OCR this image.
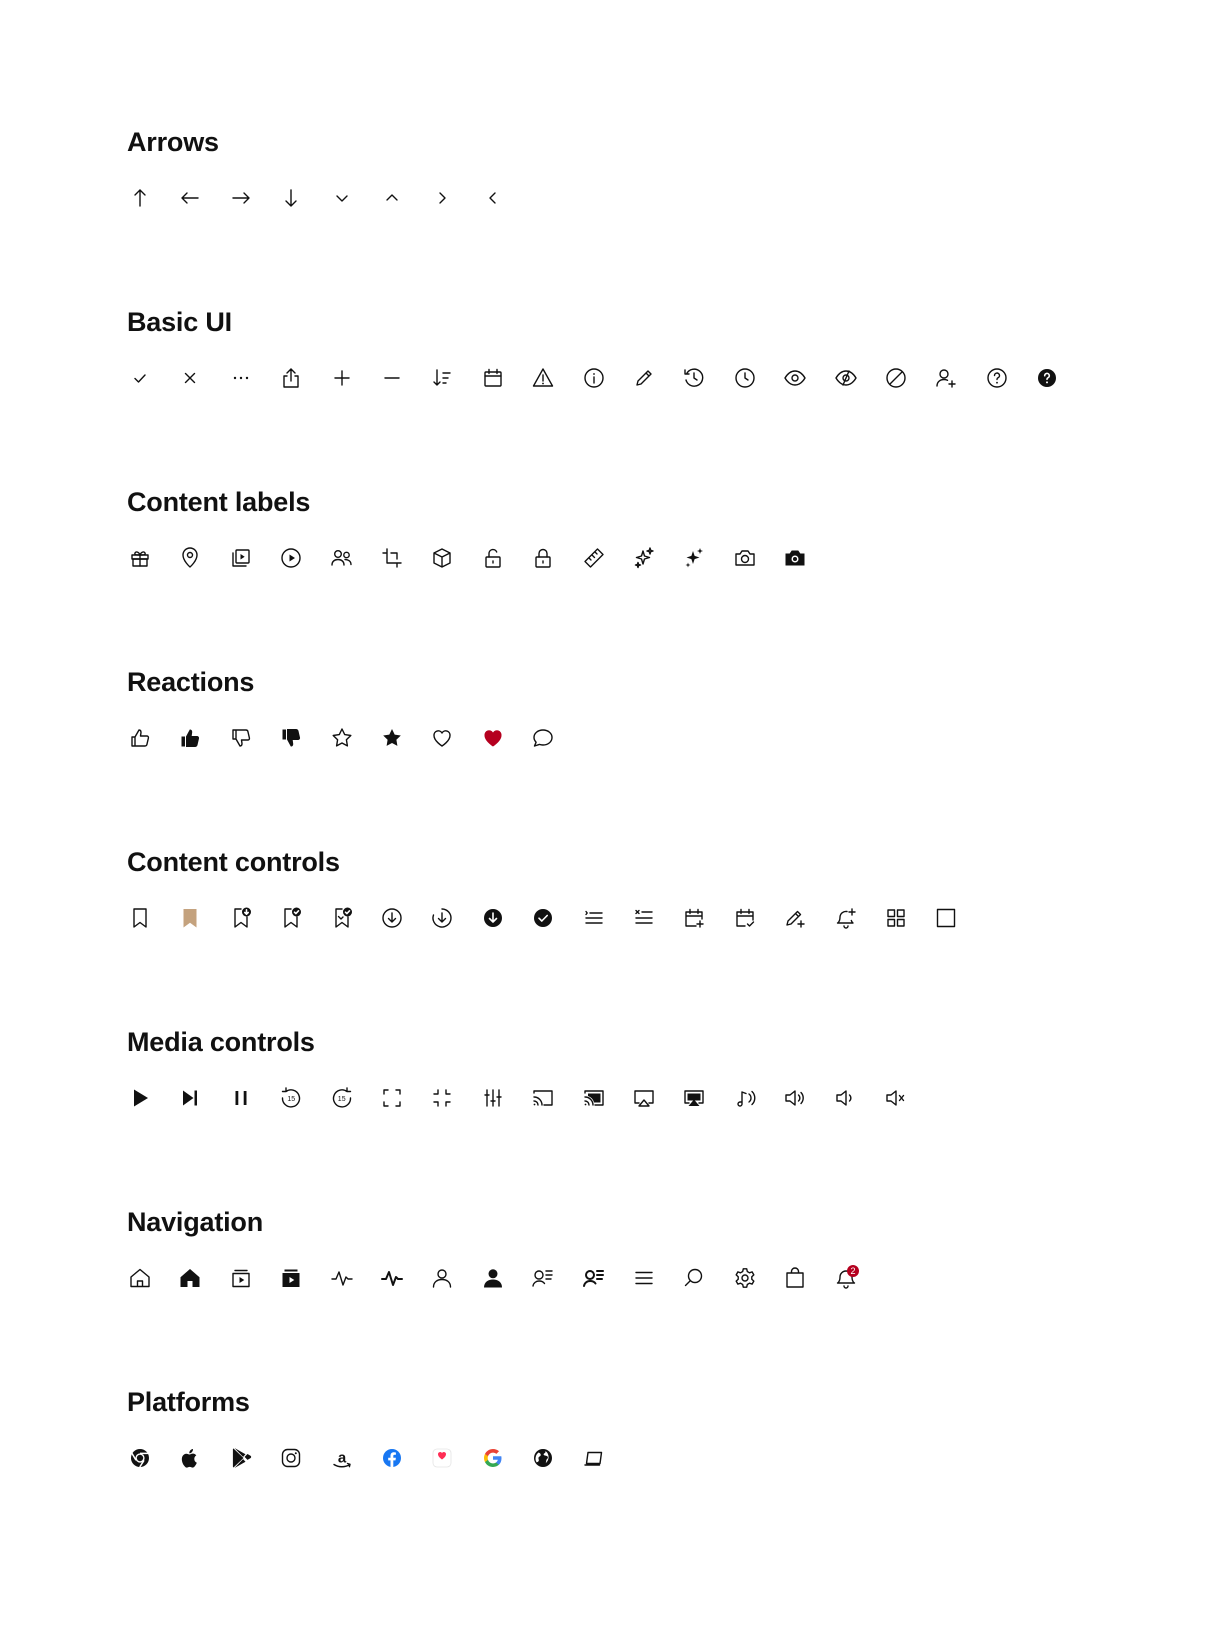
Arrows
Basic UI
Content labels
Reactions
Content controls
Media controls
15	15
Navigation
2
Platforms
a
